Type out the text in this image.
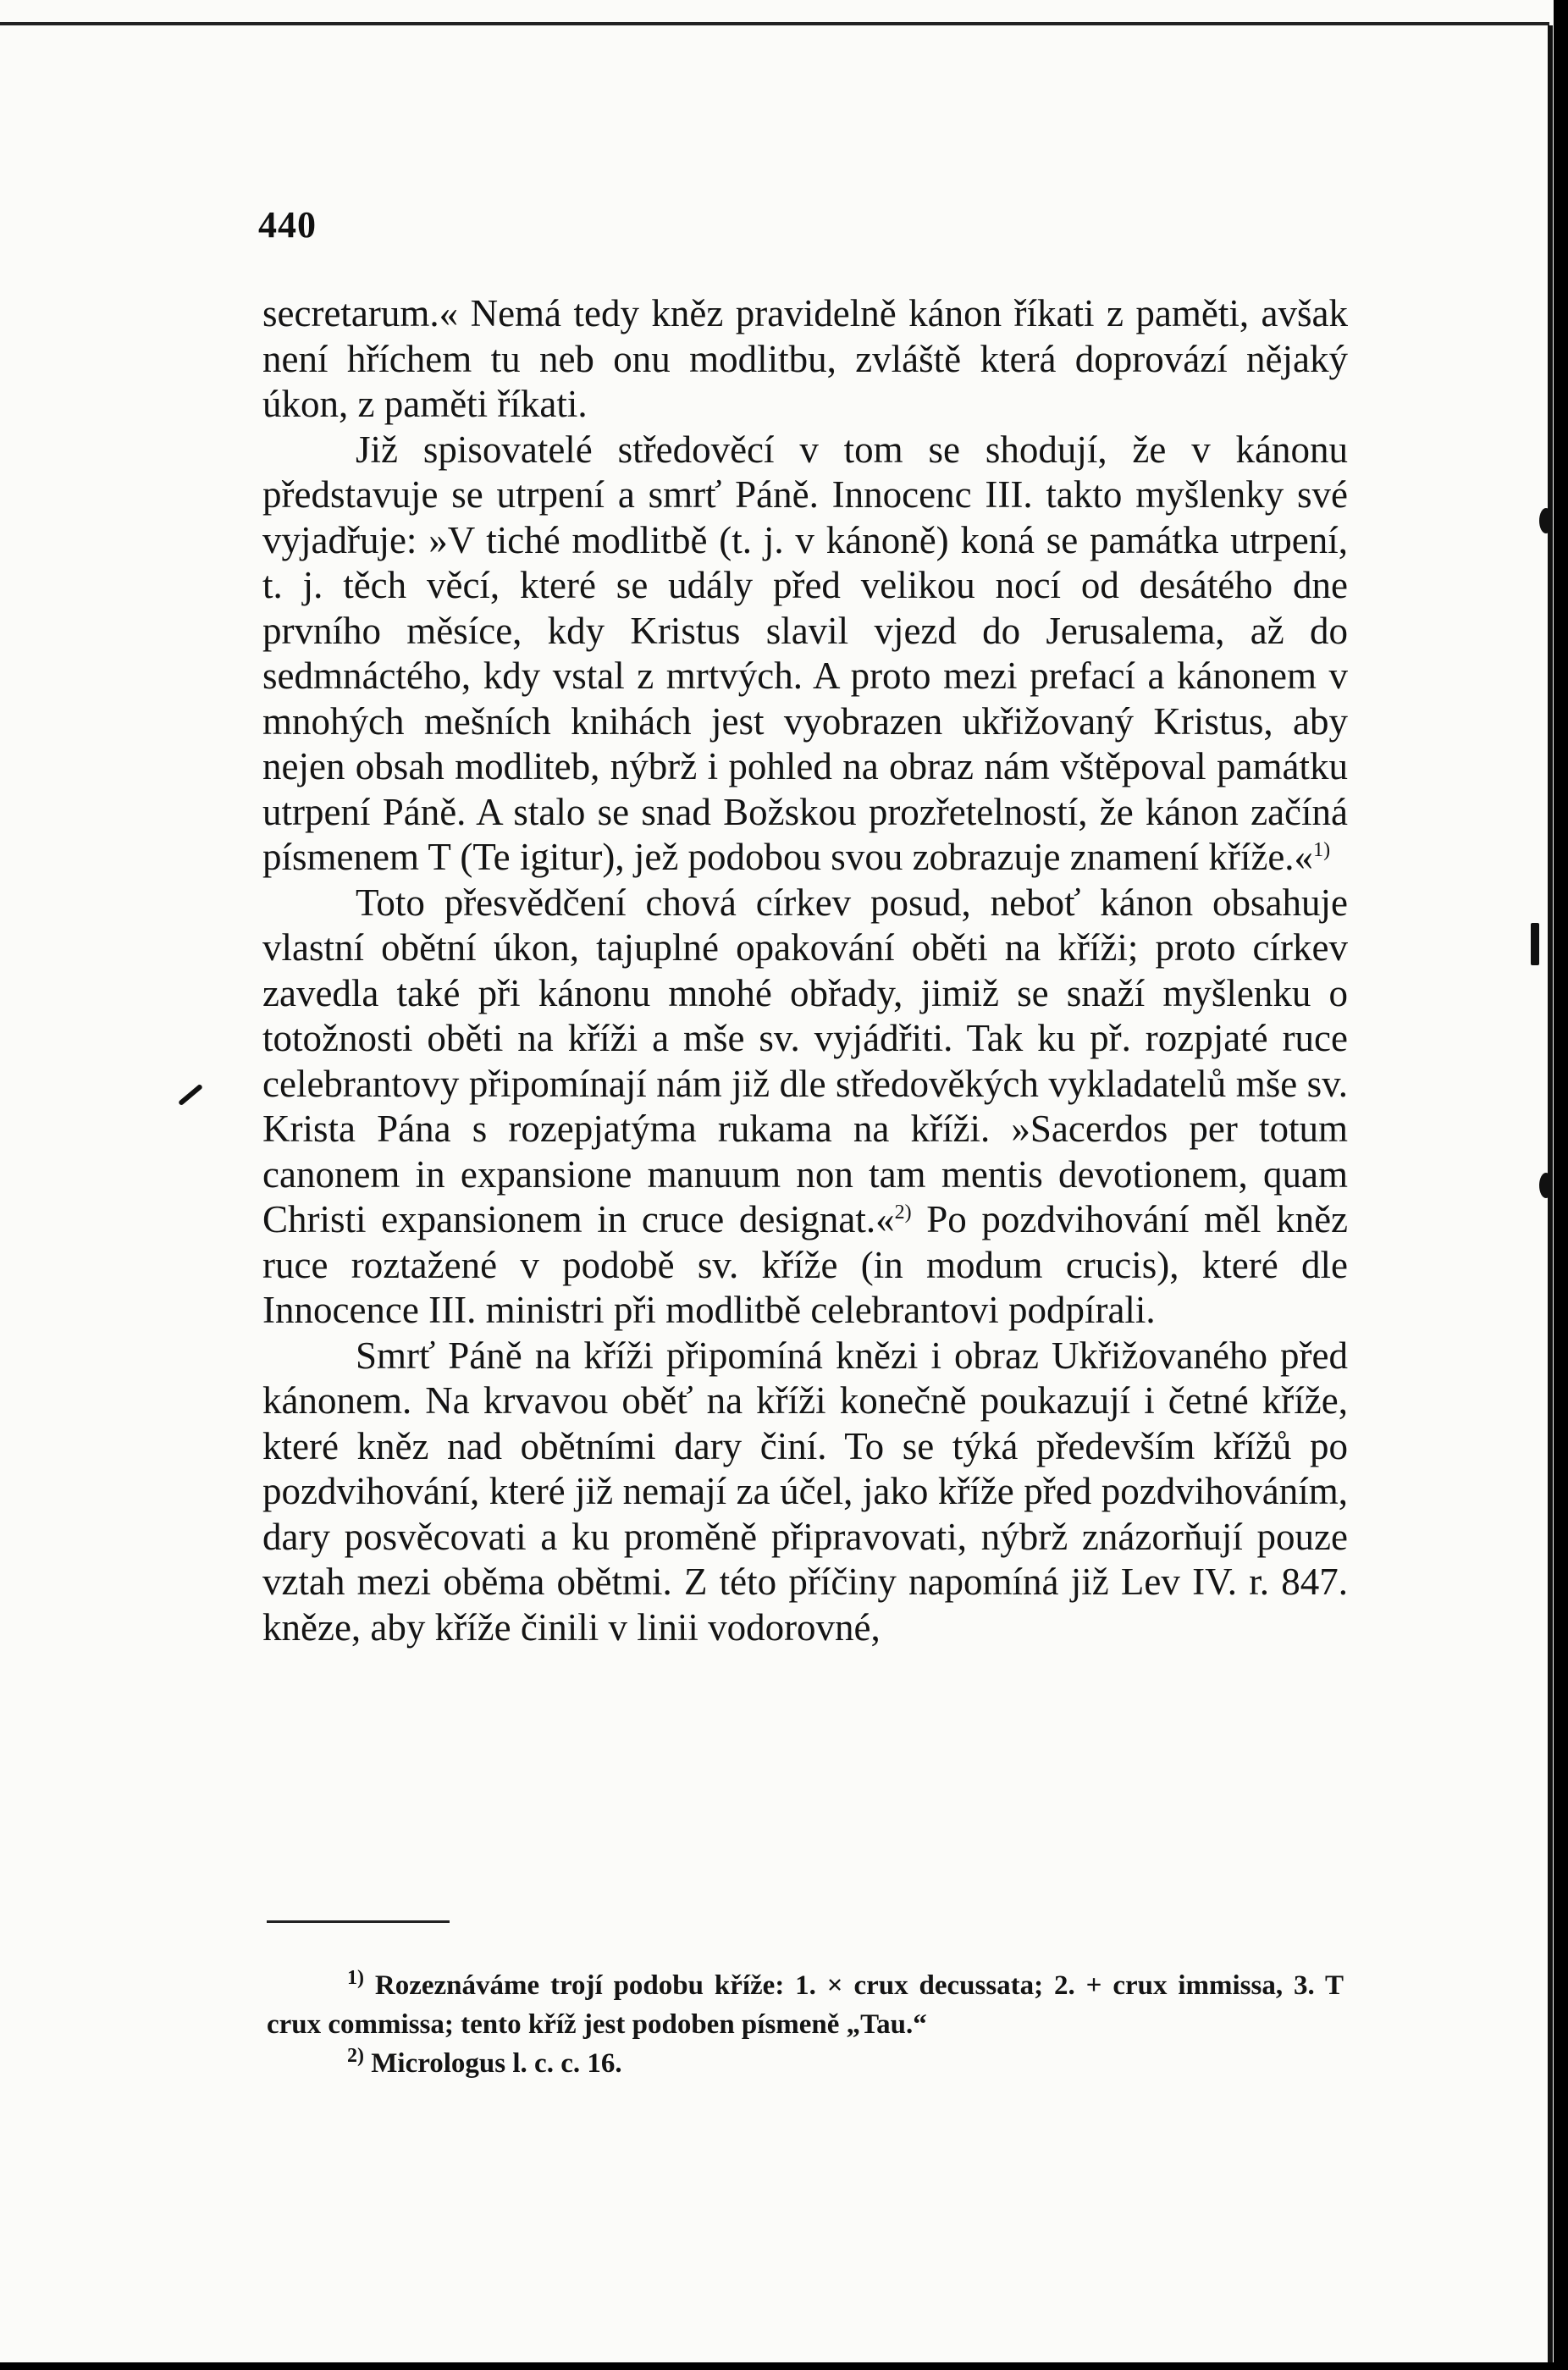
440

secretarum.« Nemá tedy kněz pravidelně kánon říkati z paměti, avšak není hříchem tu neb onu modlitbu, zvláště která doprovází nějaký úkon, z paměti říkati.

Již spisovatelé středověcí v tom se shodují, že v kánonu představuje se utrpení a smrť Páně. Innocenc III. takto myšlenky své vyjadřuje: »V tiché modlitbě (t. j. v kánoně) koná se památka utrpení, t. j. těch věcí, které se udály před velikou nocí od desátého dne prvního měsíce, kdy Kristus slavil vjezd do Jerusalema, až do sedmnáctého, kdy vstal z mrtvých. A proto mezi prefací a kánonem v mnohých mešních knihách jest vyobrazen ukřižovaný Kristus, aby nejen obsah modliteb, nýbrž i pohled na obraz nám vštěpoval památku utrpení Páně. A stalo se snad Božskou prozřetelností, že kánon začíná písmenem T (Te igitur), jež podobou svou zobrazuje znamení kříže.«$^{1)}$

Toto přesvědčení chová církev posud, neboť kánon obsahuje vlastní obětní úkon, tajuplné opakování oběti na kříži; proto církev zavedla také při kánonu mnohé obřady, jimiž se snaží myšlenku o totožnosti oběti na kříži a mše sv. vyjádřiti. Tak ku př. rozpjaté ruce celebrantovy připomínají nám již dle středověkých vykladatelů mše sv. Krista Pána s rozepjatýma rukama na kříži. »Sacerdos per totum canonem in expansione manuum non tam mentis devotionem, quam Christi expansionem in cruce designat.«$^{2)}$ Po pozdvihování měl kněz ruce roztažené v podobě sv. kříže (in modum crucis), které dle Innocence III. ministri při modlitbě celebrantovi podpírali.

Smrť Páně na kříži připomíná knězi i obraz Ukřižovaného před kánonem. Na krvavou oběť na kříži konečně poukazují i četné kříže, které kněz nad obětními dary činí. To se týká především křížů po pozdvihování, které již nemají za účel, jako kříže před pozdvihováním, dary posvěcovati a ku proměně připravovati, nýbrž znázorňují pouze vztah mezi oběma obětmi. Z této příčiny napomíná již Lev IV. r. 847. kněze, aby kříže činili v linii vodorovné,

$^{1)}$ Rozeznáváme trojí podobu kříže: 1. × crux decussata; 2. + crux immissa, 3. T crux commissa; tento kříž jest podoben písmeně „Tau.“

$^{2)}$ Micrologus l. c. c. 16.
